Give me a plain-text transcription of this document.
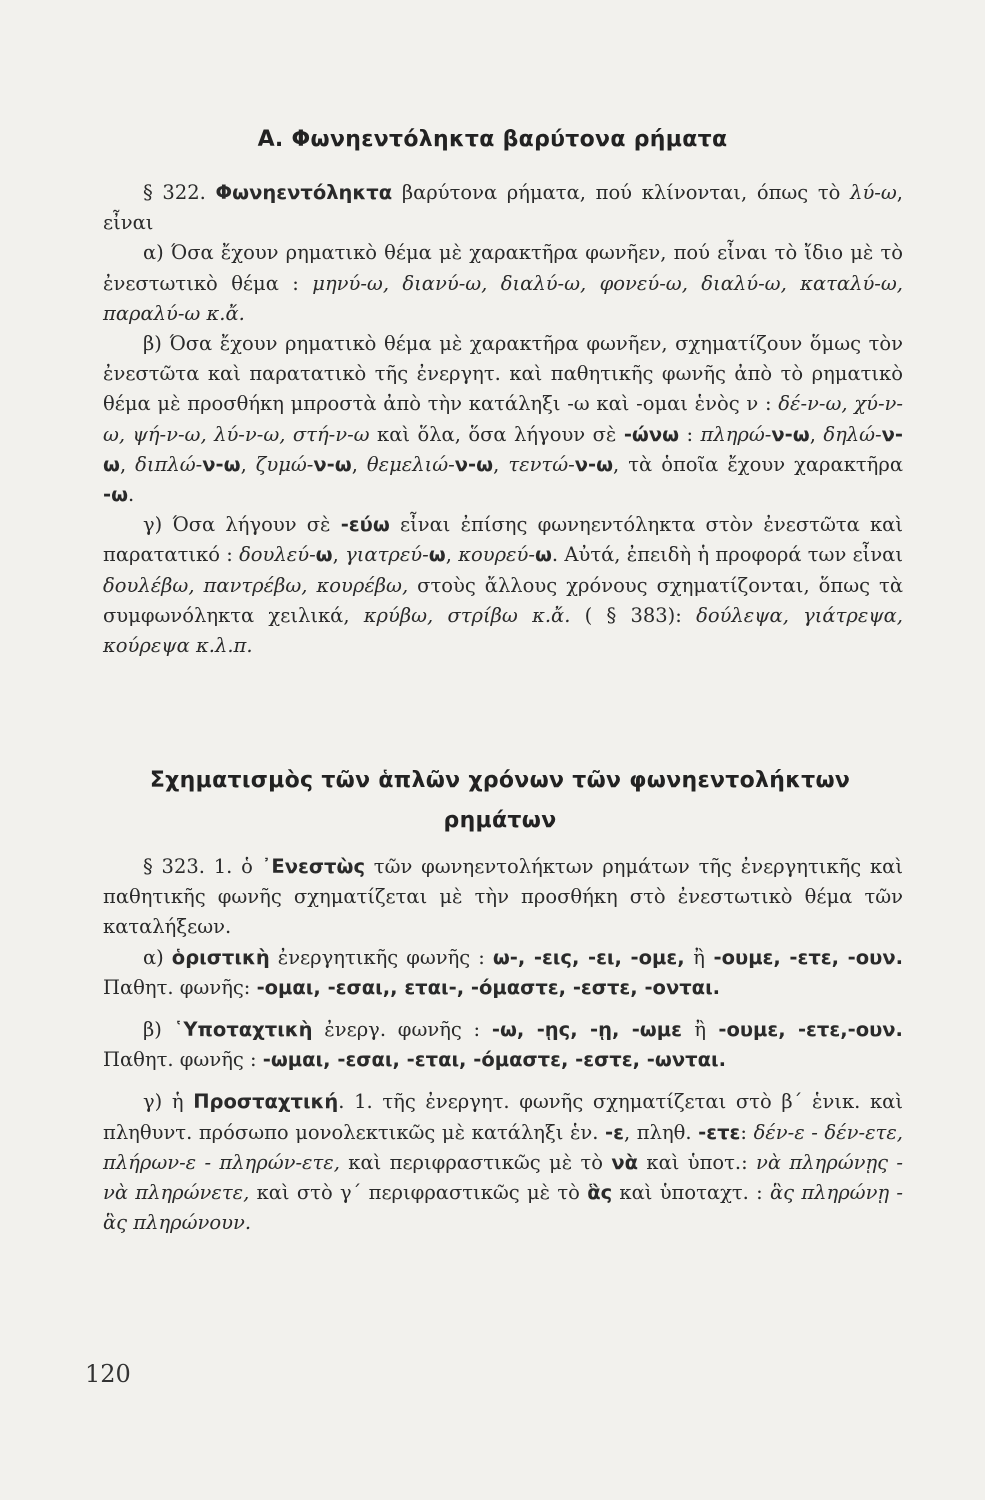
Α. Φωνηεντόληκτα βαρύτονα ρήματα

§ 322. Φωνηεντόληκτα βαρύτονα ρήματα, πού κλίνονται, όπως τὸ λύ-ω, εἶναι

α) Όσα ἔχουν ρηματικὸ θέμα μὲ χαρακτῆρα φωνῆεν, πού εἶναι τὸ ἴδιο μὲ τὸ ἐνεστωτικὸ θέμα : μηνύ-ω, διανύ-ω, διαλύ-ω, φονεύ-ω, διαλύ-ω, καταλύ-ω, παραλύ-ω κ.ἄ.

β) Όσα ἔχουν ρηματικὸ θέμα μὲ χαρακτῆρα φωνῆεν, σχηματίζουν ὅμως τὸν ἐνεστῶτα καὶ παρατατικὸ τῆς ἐνεργητ. καὶ παθητικῆς φωνῆς ἀπὸ τὸ ρηματικὸ θέμα μὲ προσθήκη μπροστὰ ἀπὸ τὴν κατάληξι -ω καὶ -ομαι ἑνὸς ν : δέ-ν-ω, χύ-ν-ω, ψή-ν-ω, λύ-ν-ω, στή-ν-ω καὶ ὅλα, ὅσα λήγουν σὲ -ώνω : πληρώ-ν-ω, δηλώ-ν-ω, διπλώ-ν-ω, ζυμώ-ν-ω, θεμελιώ-ν-ω, τεντώ-ν-ω, τὰ ὁποῖα ἔχουν χαρακτῆρα -ω.

γ) Όσα λήγουν σὲ -εύω εἶναι ἐπίσης φωνηεντόληκτα στὸν ἐνεστῶτα καὶ παρατατικό : δουλεύ-ω, γιατρεύ-ω, κουρεύ-ω. Αὐτά, ἐπειδὴ ἡ προφορά των εἶναι δουλέβω, παντρέβω, κουρέβω, στοὺς ἄλλους χρόνους σχηματίζονται, ὅπως τὰ συμφωνόληκτα χειλικά, κρύβω, στρίβω κ.ἄ. ( § 383): δούλεψα, γιάτρεψα, κούρεψα κ.λ.π.

Σχηματισμὸς τῶν ἁπλῶν χρόνων τῶν φωνηεντολήκτων ρημάτων

§ 323. 1. ὁ ᾿Ενεστὼς τῶν φωνηεντολήκτων ρημάτων τῆς ἐνεργητικῆς καὶ παθητικῆς φωνῆς σχηματίζεται μὲ τὴν προσθήκη στὸ ἐνεστωτικὸ θέμα τῶν καταλήξεων.

α) ὁριστικὴ ἐνεργητικῆς φωνῆς : ω-, -εις, -ει, -ομε, ἢ -ουμε, -ετε, -ουν. Παθητ. φωνῆς: -ομαι, -εσαι,, εται-, -όμαστε, -εστε, -ονται.

β) ῾Υποταχτικὴ ἐνεργ. φωνῆς : -ω, -ῃς, -ῃ, -ωμε ἢ -ουμε, -ετε,-ουν. Παθητ. φωνῆς : -ωμαι, -εσαι, -εται, -όμαστε, -εστε, -ωνται.

γ) ἡ Προσταχτική. 1. τῆς ἐνεργητ. φωνῆς σχηματίζεται στὸ β΄ ἑνικ. καὶ πληθυντ. πρόσωπο μονολεκτικῶς μὲ κατάληξι ἑν. -ε, πληθ. -ετε: δέν-ε - δέν-ετε, πλήρων-ε - πληρών-ετε, καὶ περιφραστικῶς μὲ τὸ νὰ καὶ ὑποτ.: νὰ πληρώνῃς - νὰ πληρώνετε, καὶ στὸ γ΄ περιφραστικῶς μὲ τὸ ἃς καὶ ὑποταχτ. : ἃς πληρώνῃ - ἃς πληρώνουν.

120
